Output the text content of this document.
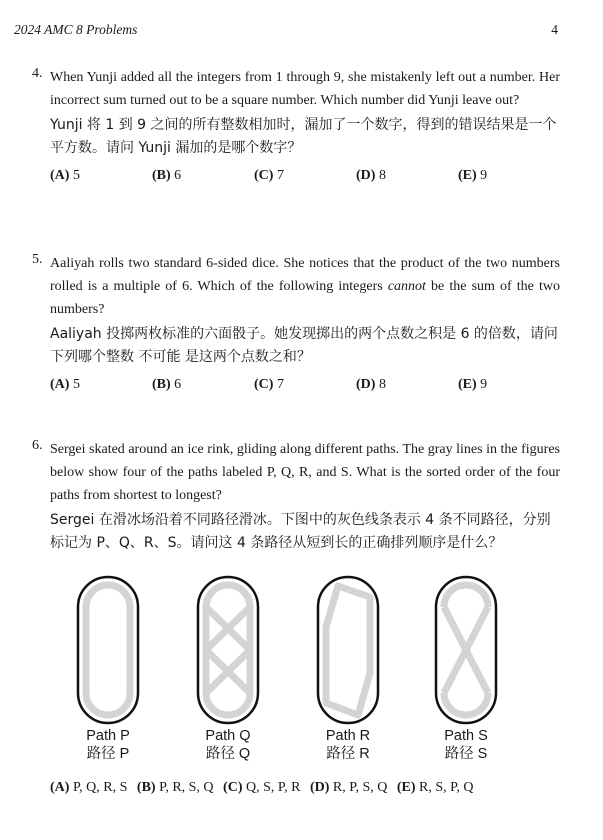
2024 AMC 8 Problems	4
4. When Yunji added all the integers from 1 through 9, she mistakenly left out a number. Her incorrect sum turned out to be a square number. Which number did Yunji leave out?
Yunji 将 1 到 9 之间的所有整数相加时，漏加了一个数字，得到的错误结果是一个平方数。请问 Yunji 漏加的是哪个数字？
(A) 5	(B) 6	(C) 7	(D) 8	(E) 9
5. Aaliyah rolls two standard 6-sided dice. She notices that the product of the two numbers rolled is a multiple of 6. Which of the following integers cannot be the sum of the two numbers?
Aaliyah 投掷两枚标准的六面骰子。她发现掷出的两个点数之积是 6 的倍数，请问下列哪个整数 不可能 是这两个点数之和？
(A) 5	(B) 6	(C) 7	(D) 8	(E) 9
6. Sergei skated around an ice rink, gliding along different paths. The gray lines in the figures below show four of the paths labeled P, Q, R, and S. What is the sorted order of the four paths from shortest to longest?
Sergei 在滑冰场沿着不同路径滑冰。下图中的灰色线条表示 4 条不同路径，分别标记为 P、Q、R、S。请问这 4 条路径从短到长的正确排列顺序是什么？
Path P
路径 P
Path Q
路径 Q
Path R
路径 R
Path S
路径 S
(A) P, Q, R, S (B) P, R, S, Q (C) Q, S, P, R (D) R, P, S, Q (E) R, S, P, Q
